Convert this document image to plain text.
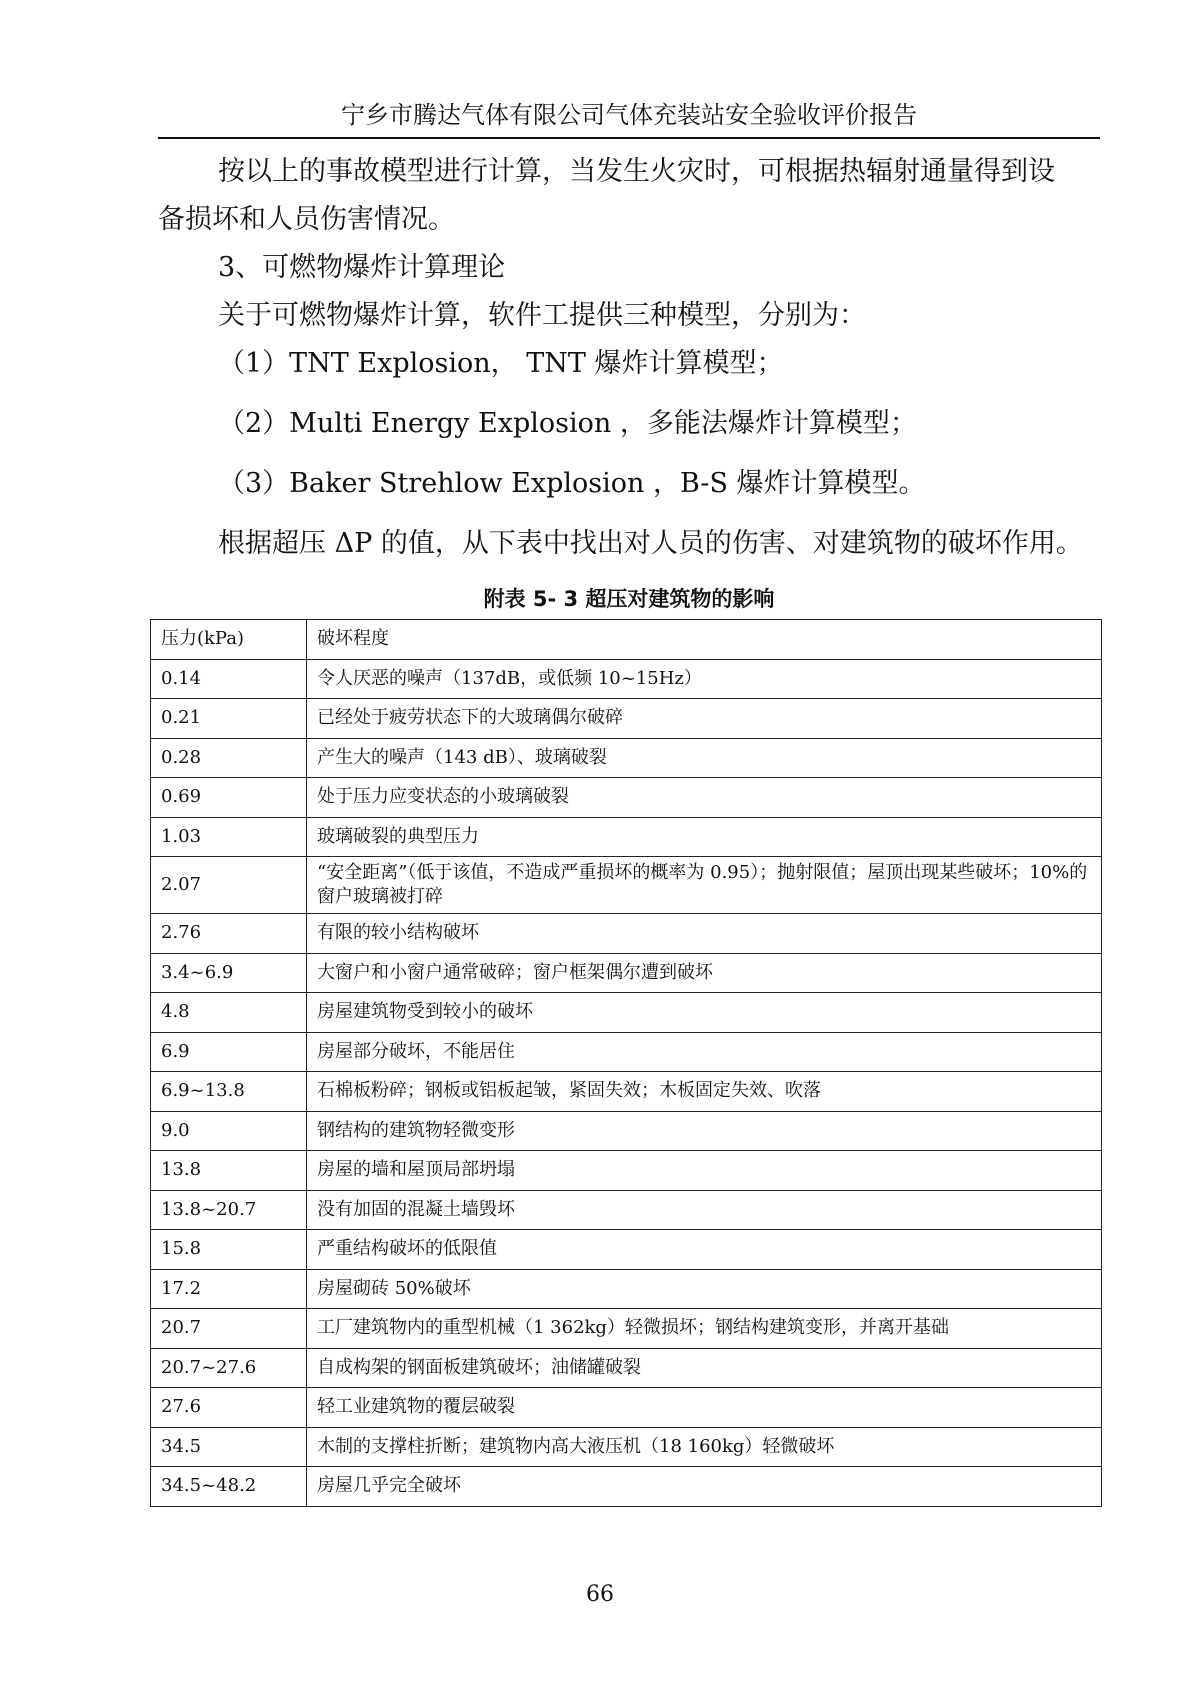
宁乡市腾达气体有限公司气体充装站安全验收评价报告
按以上的事故模型进行计算，当发生火灾时，可根据热辐射通量得到设
备损坏和人员伤害情况。
3、可燃物爆炸计算理论
关于可燃物爆炸计算，软件工提供三种模型，分别为：
（1）TNT Explosion， TNT 爆炸计算模型；
（2）Multi Energy Explosion ，多能法爆炸计算模型；
（3）Baker Strehlow Explosion ，B-S 爆炸计算模型。
根据超压 ΔP 的值，从下表中找出对人员的伤害、对建筑物的破坏作用。
附表 5- 3 超压对建筑物的影响
压力(kPa)	破坏程度
0.14	令人厌恶的噪声（137dB，或低频 10~15Hz）
0.21	已经处于疲劳状态下的大玻璃偶尔破碎
0.28	产生大的噪声（143 dB）、玻璃破裂
0.69	处于压力应变状态的小玻璃破裂
1.03	玻璃破裂的典型压力
2.07	“安全距离”（低于该值，不造成严重损坏的概率为 0.95）；抛射限值；屋顶出现某些破坏；10%的窗户玻璃被打碎
2.76	有限的较小结构破坏
3.4~6.9	大窗户和小窗户通常破碎；窗户框架偶尔遭到破坏
4.8	房屋建筑物受到较小的破坏
6.9	房屋部分破坏，不能居住
6.9~13.8	石棉板粉碎；钢板或铝板起皱，紧固失效；木板固定失效、吹落
9.0	钢结构的建筑物轻微变形
13.8	房屋的墙和屋顶局部坍塌
13.8~20.7	没有加固的混凝土墙毁坏
15.8	严重结构破坏的低限值
17.2	房屋砌砖 50%破坏
20.7	工厂建筑物内的重型机械（1 362kg）轻微损坏；钢结构建筑变形，并离开基础
20.7~27.6	自成构架的钢面板建筑破坏；油储罐破裂
27.6	轻工业建筑物的覆层破裂
34.5	木制的支撑柱折断；建筑物内高大液压机（18 160kg）轻微破坏
34.5~48.2	房屋几乎完全破坏
66
